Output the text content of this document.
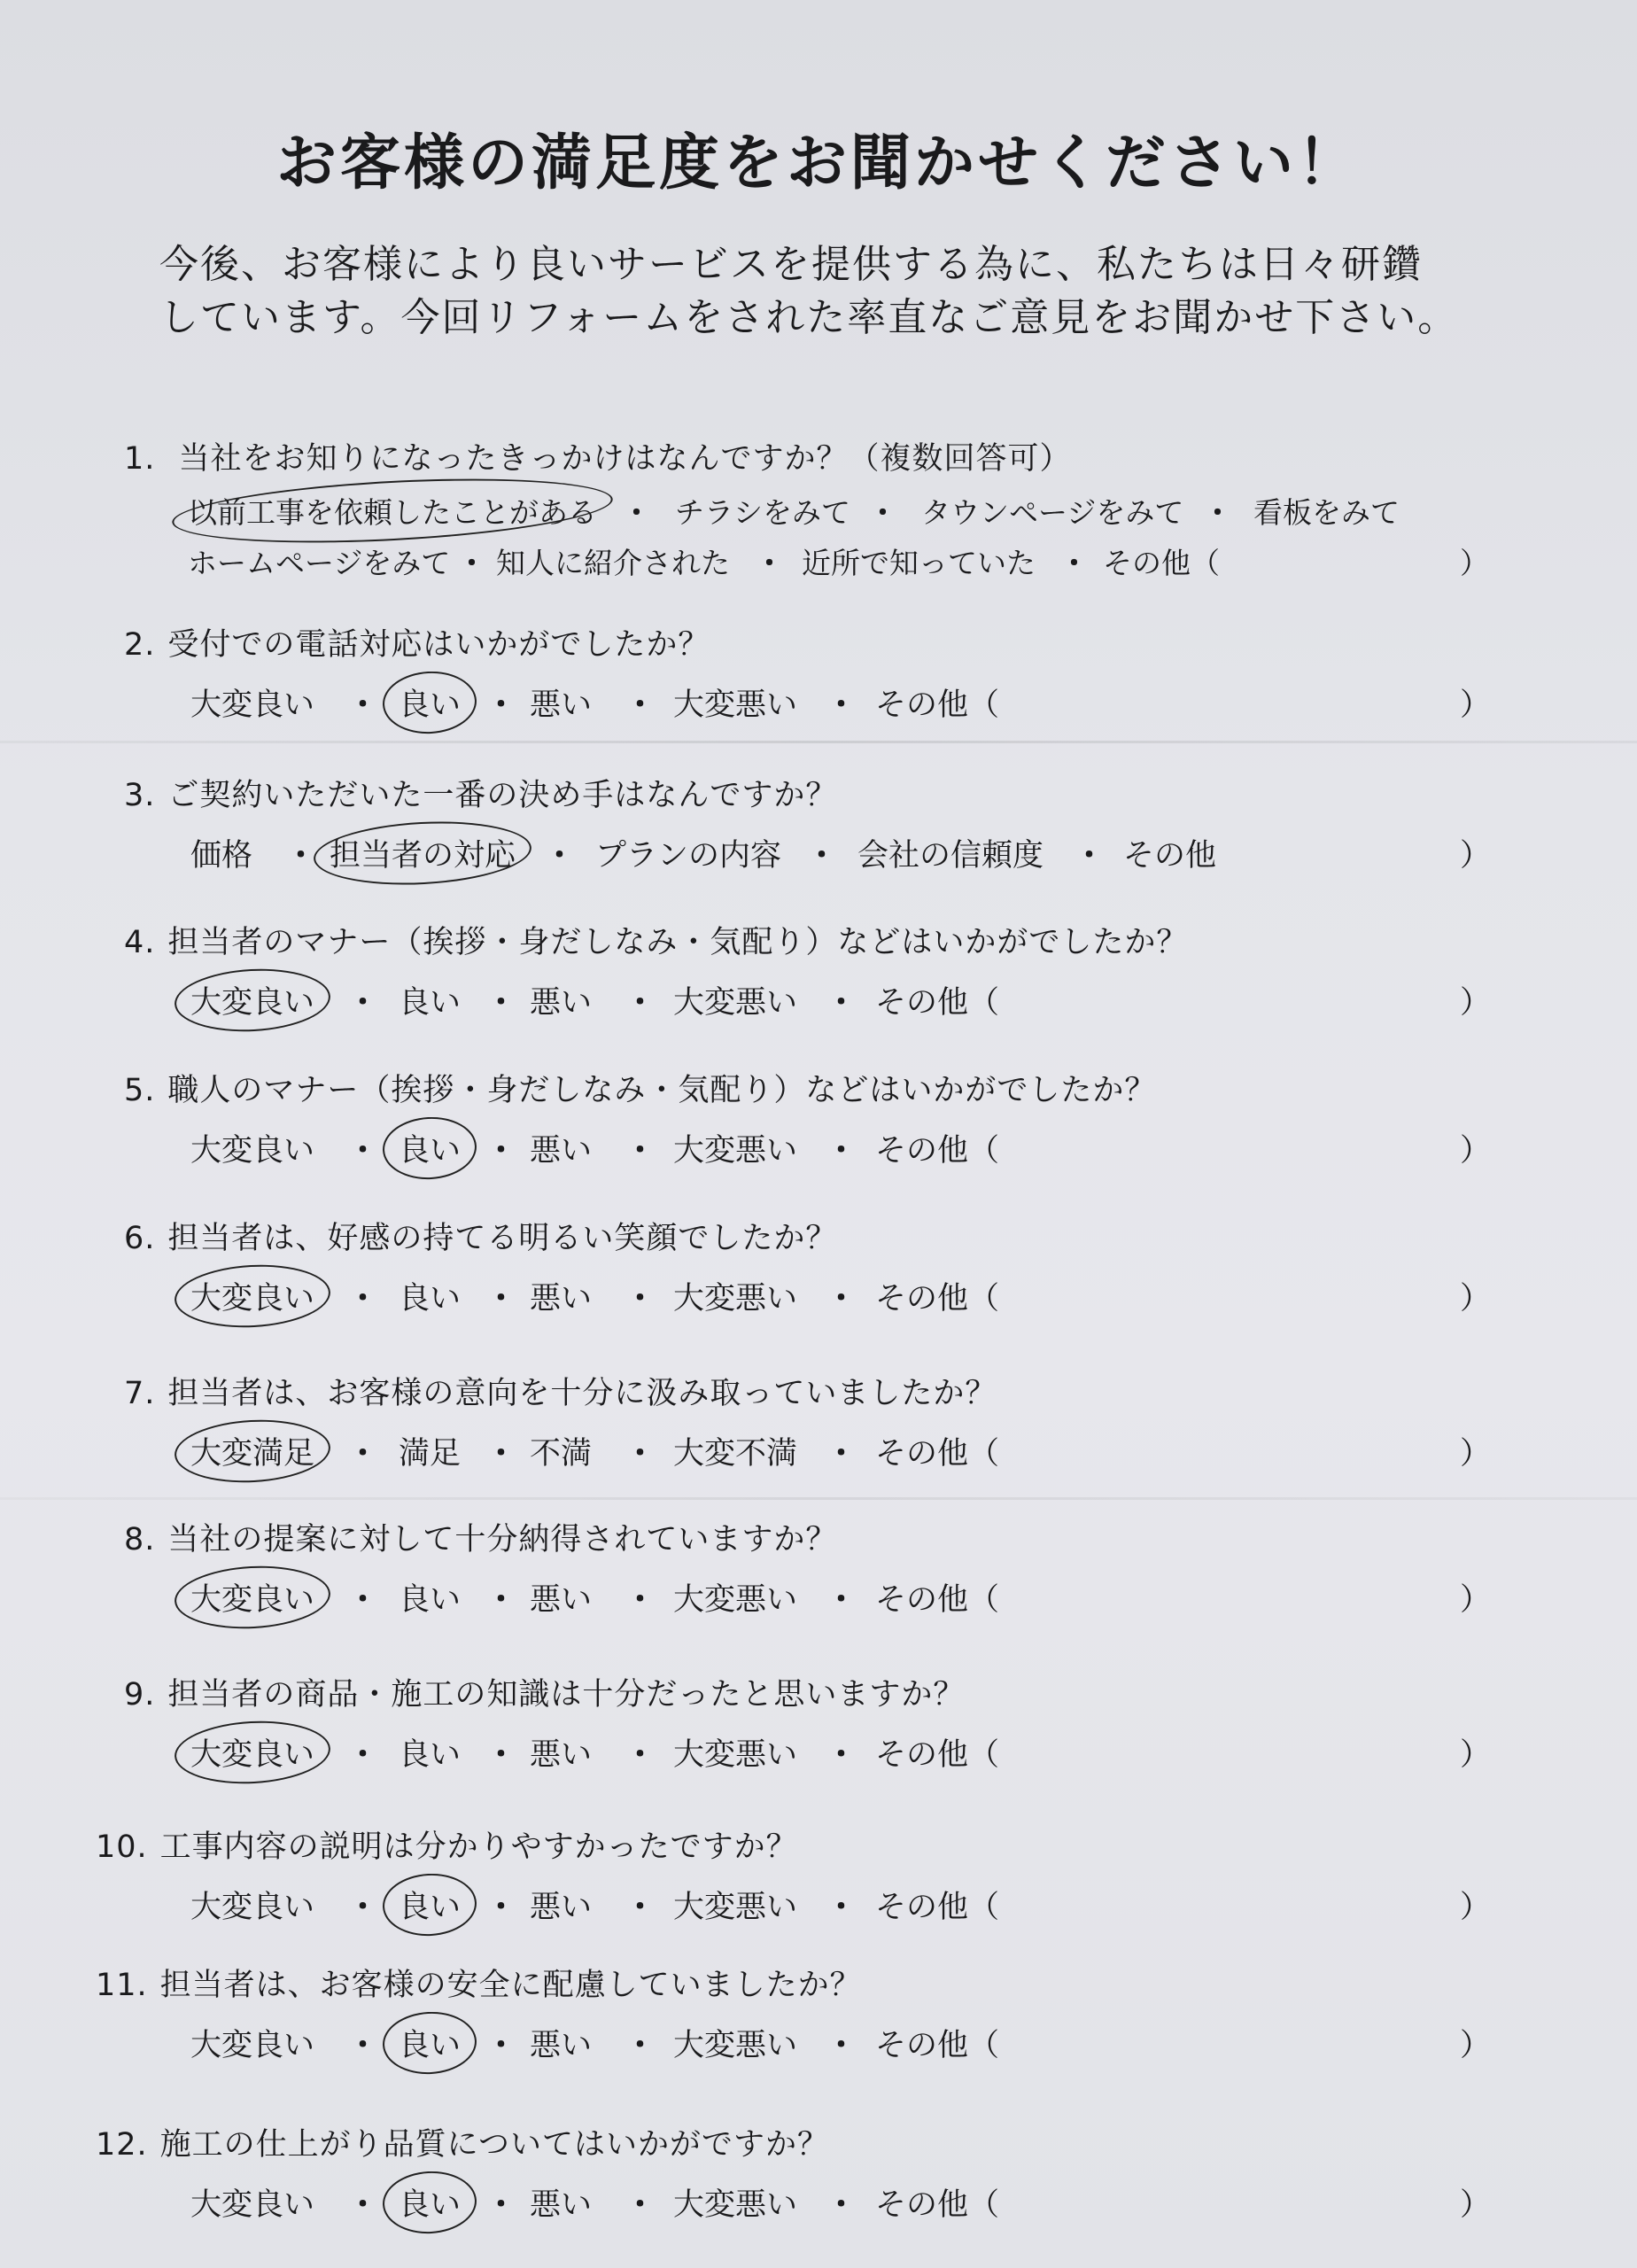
お客様の満足度をお聞かせください！
今後、お客様により良いサービスを提供する為に、私たちは日々研鑽
しています。今回リフォームをされた率直なご意見をお聞かせ下さい。
1. 当社をお知りになったきっかけはなんですか？（複数回答可）
以前工事を依頼したことがある ・ チラシをみて ・ タウンページをみて ・ 看板をみて
ホームページをみて ・ 知人に紹介された ・ 近所で知っていた ・ その他（	）
2. 受付での電話対応はいかがでしたか？
大変良い	良い 悪い	大変悪い	その他（
・	・	・	・	）
3. ご契約いただいた一番の決め手はなんですか？
価格 担当者の対応	プランの内容 会社の信頼度	その他
・	・	・	・	）
4. 担当者のマナー（挨拶・身だしなみ・気配り）などはいかがでしたか？
大変良い	良い 悪い	大変悪い	その他（
・	・	・	・	）
5. 職人のマナー（挨拶・身だしなみ・気配り）などはいかがでしたか？
大変良い	良い 悪い	大変悪い	その他（
・	・	・	・	）
6. 担当者は、好感の持てる明るい笑顔でしたか？
大変良い	良い 悪い	大変悪い	その他（
・	・	・	・	）
7. 担当者は、お客様の意向を十分に汲み取っていましたか？
大変満足	満足 不満	大変不満	その他（
・	・	・	・	）
8. 当社の提案に対して十分納得されていますか？
大変良い	良い 悪い	大変悪い	その他（
・	・	・	・	）
9. 担当者の商品・施工の知識は十分だったと思いますか？
大変良い	良い 悪い	大変悪い	その他（
・	・	・	・	）
10. 工事内容の説明は分かりやすかったですか？
大変良い	良い 悪い	大変悪い	その他（
・	・	・	・	）
11. 担当者は、お客様の安全に配慮していましたか？
大変良い	良い 悪い	大変悪い	その他（
・	・	・	・	）
12. 施工の仕上がり品質についてはいかがですか？
大変良い	良い 悪い	大変悪い	その他（
・	・	・	・	）
